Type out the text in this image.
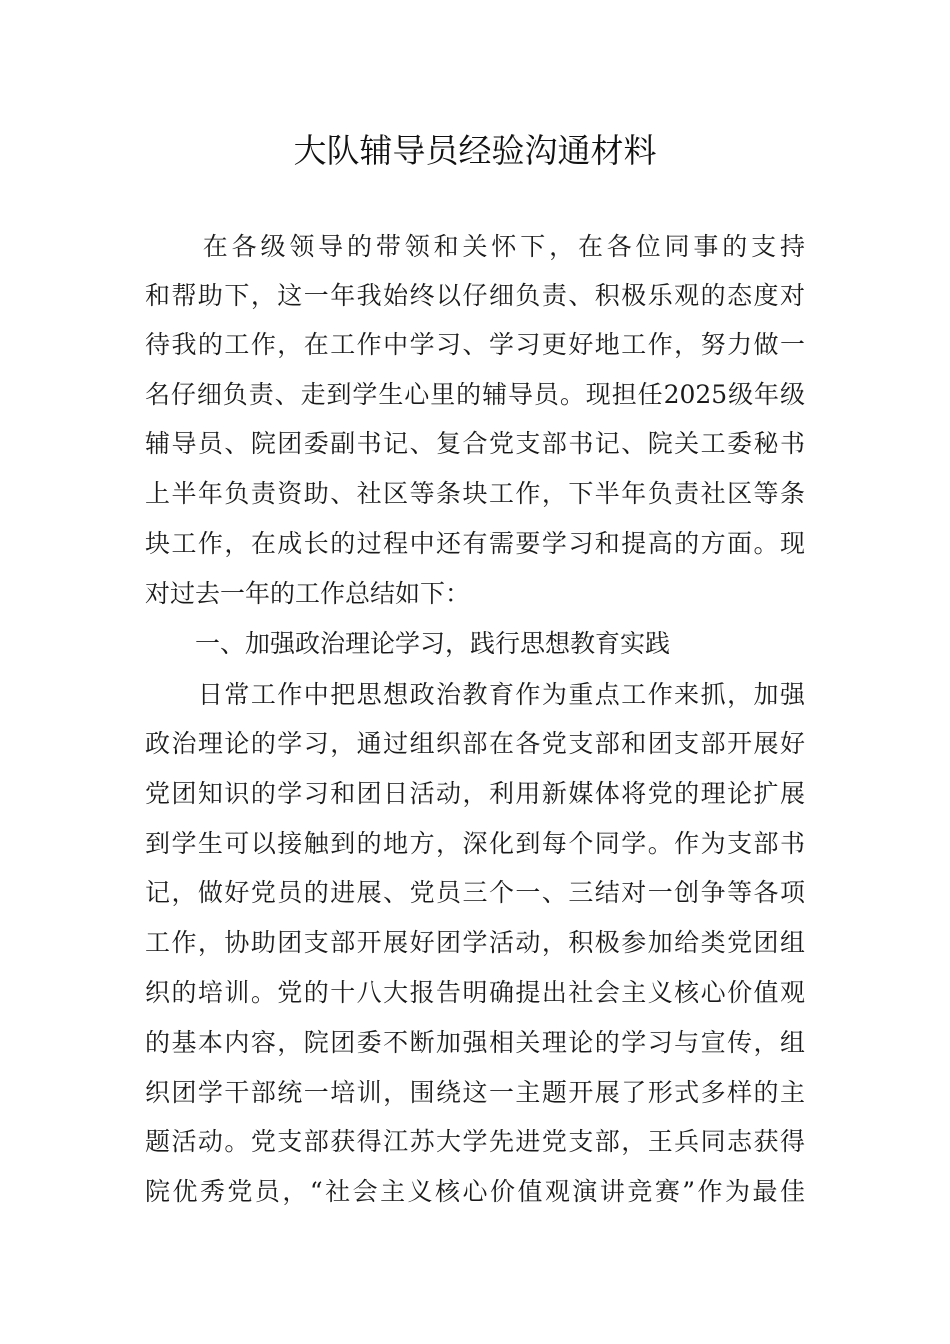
大队辅导员经验沟通材料

　　在各级领导的带领和关怀下，在各位同事的支持

和帮助下，这一年我始终以仔细负责、积极乐观的态度对

待我的工作，在工作中学习、学习更好地工作，努力做一

名仔细负责、走到学生心里的辅导员。现担任2025级年级

辅导员、院团委副书记、复合党支部书记、院关工委秘书

上半年负责资助、社区等条块工作，下半年负责社区等条

块工作，在成长的过程中还有需要学习和提高的方面。现

对过去一年的工作总结如下：

一、加强政治理论学习，践行思想教育实践

　　日常工作中把思想政治教育作为重点工作来抓，加强

政治理论的学习，通过组织部在各党支部和团支部开展好

党团知识的学习和团日活动，利用新媒体将党的理论扩展

到学生可以接触到的地方，深化到每个同学。作为支部书

记，做好党员的进展、党员三个一、三结对一创争等各项

工作，协助团支部开展好团学活动，积极参加给类党团组

织的培训。党的十八大报告明确提出社会主义核心价值观

的基本内容，院团委不断加强相关理论的学习与宣传，组

织团学干部统一培训，围绕这一主题开展了形式多样的主

题活动。党支部获得江苏大学先进党支部，王兵同志获得

院优秀党员，“社会主义核心价值观演讲竞赛”作为最佳
